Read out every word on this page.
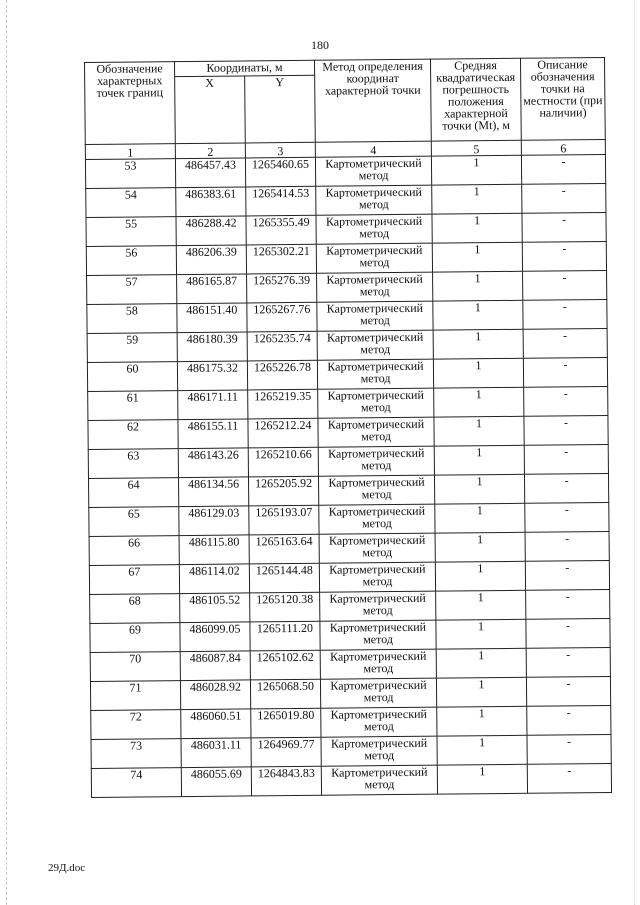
180
Обозначение характерных точек границ	Координаты, м		Метод определения координат характерной точки	Средняя квадратическая погрешность положения характерной точки (Mt), м	Описание обозначения точки на местности (при наличии)
	X	Y			
1	2	3	4	5	6
53	486457.43	1265460.65	Картометрический метод	1	-
54	486383.61	1265414.53	Картометрический метод	1	-
55	486288.42	1265355.49	Картометрический метод	1	-
56	486206.39	1265302.21	Картометрический метод	1	-
57	486165.87	1265276.39	Картометрический метод	1	-
58	486151.40	1265267.76	Картометрический метод	1	-
59	486180.39	1265235.74	Картометрический метод	1	-
60	486175.32	1265226.78	Картометрический метод	1	-
61	486171.11	1265219.35	Картометрический метод	1	-
62	486155.11	1265212.24	Картометрический метод	1	-
63	486143.26	1265210.66	Картометрический метод	1	-
64	486134.56	1265205.92	Картометрический метод	1	-
65	486129.03	1265193.07	Картометрический метод	1	-
66	486115.80	1265163.64	Картометрический метод	1	-
67	486114.02	1265144.48	Картометрический метод	1	-
68	486105.52	1265120.38	Картометрический метод	1	-
69	486099.05	1265111.20	Картометрический метод	1	-
70	486087.84	1265102.62	Картометрический метод	1	-
71	486028.92	1265068.50	Картометрический метод	1	-
72	486060.51	1265019.80	Картометрический метод	1	-
73	486031.11	1264969.77	Картометрический метод	1	-
74	486055.69	1264843.83	Картометрический метод	1	-
29Д.doc
